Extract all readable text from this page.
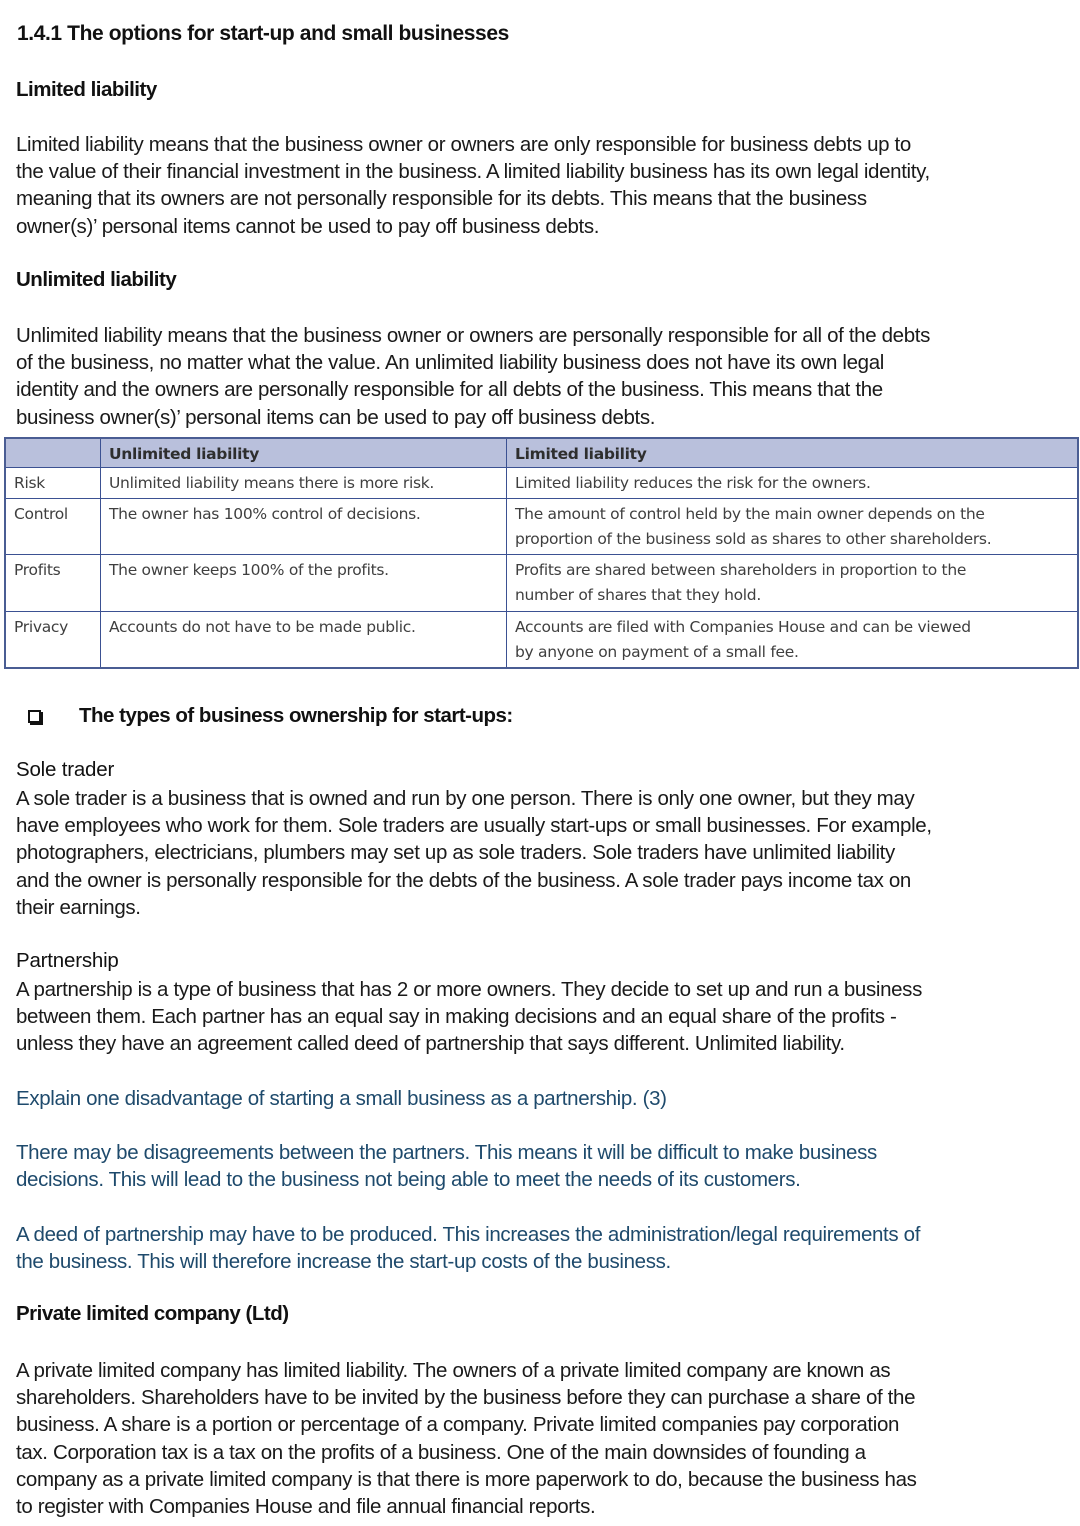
1.4.1 The options for start-up and small businesses
Limited liability
Limited liability means that the business owner or owners are only responsible for business debts up to
the value of their financial investment in the business. A limited liability business has its own legal identity,
meaning that its owners are not personally responsible for its debts. This means that the business
owner(s)’ personal items cannot be used to pay off business debts.
Unlimited liability
Unlimited liability means that the business owner or owners are personally responsible for all of the debts
of the business, no matter what the value. An unlimited liability business does not have its own legal
identity and the owners are personally responsible for all debts of the business. This means that the
business owner(s)’ personal items can be used to pay off business debts.
	Unlimited liability	Limited liability
Risk	Unlimited liability means there is more risk.	Limited liability reduces the risk for the owners.

Control	The owner has 100% control of decisions.	The amount of control held by the main owner depends on the
proportion of the business sold as shares to other shareholders.

Profits	The owner keeps 100% of the profits.	Profits are shared between shareholders in proportion to the
number of shares that they hold.

Privacy	Accounts do not have to be made public.	Accounts are filed with Companies House and can be viewed
by anyone on payment of a small fee.
The types of business ownership for start-ups:
Sole trader
A sole trader is a business that is owned and run by one person. There is only one owner, but they may
have employees who work for them. Sole traders are usually start-ups or small businesses. For example,
photographers, electricians, plumbers may set up as sole traders. Sole traders have unlimited liability
and the owner is personally responsible for the debts of the business. A sole trader pays income tax on
their earnings.
Partnership
A partnership is a type of business that has 2 or more owners. They decide to set up and run a business
between them. Each partner has an equal say in making decisions and an equal share of the profits -
unless they have an agreement called deed of partnership that says different. Unlimited liability.
Explain one disadvantage of starting a small business as a partnership. (3)
There may be disagreements between the partners. This means it will be difficult to make business
decisions. This will lead to the business not being able to meet the needs of its customers.
A deed of partnership may have to be produced. This increases the administration/legal requirements of
the business. This will therefore increase the start-up costs of the business.
Private limited company (Ltd)
A private limited company has limited liability. The owners of a private limited company are known as
shareholders. Shareholders have to be invited by the business before they can purchase a share of the
business. A share is a portion or percentage of a company. Private limited companies pay corporation
tax. Corporation tax is a tax on the profits of a business. One of the main downsides of founding a
company as a private limited company is that there is more paperwork to do, because the business has
to register with Companies House and file annual financial reports.
